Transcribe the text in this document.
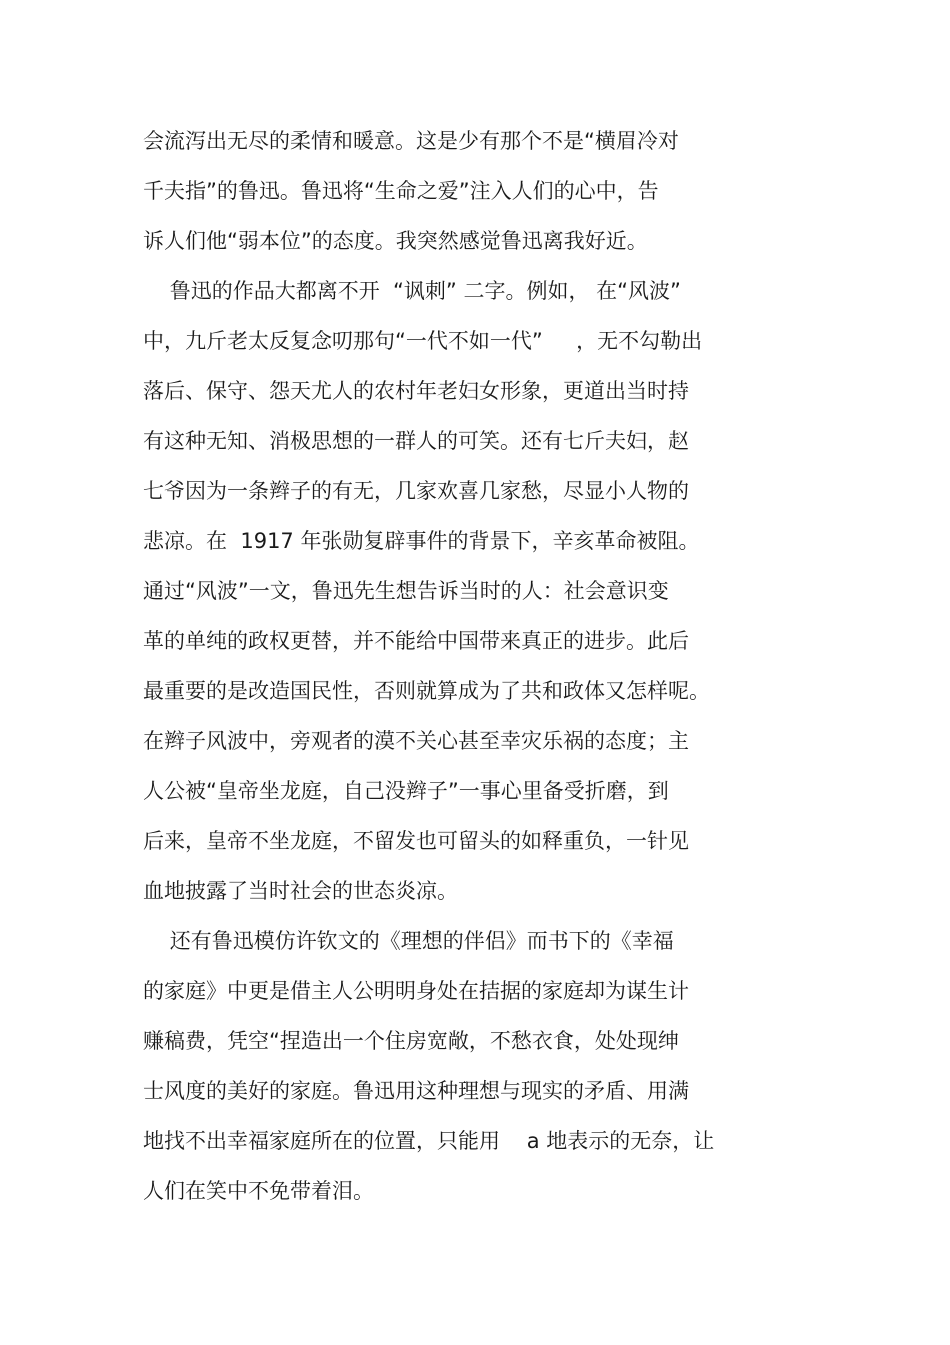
会流泻出无尽的柔情和暖意。这是少有那个不是“横眉冷对

千夫指”的鲁迅。鲁迅将“生命之爱”注入人们的心中，告

诉人们他“弱本位”的态度。我突然感觉鲁迅离我好近。

鲁迅的作品大都离不开  “讽刺” 二字。例如， 在“风波”

中，九斤老太反复念叨那句“一代不如一代”     ，无不勾勒出

落后、保守、怨天尤人的农村年老妇女形象，更道出当时持

有这种无知、消极思想的一群人的可笑。还有七斤夫妇，赵

七爷因为一条辫子的有无，几家欢喜几家愁，尽显小人物的

悲凉。在  1917 年张勋复辟事件的背景下，辛亥革命被阻。

通过“风波”一文，鲁迅先生想告诉当时的人：社会意识变

革的单纯的政权更替，并不能给中国带来真正的进步。此后

最重要的是改造国民性，否则就算成为了共和政体又怎样呢。

在辫子风波中，旁观者的漠不关心甚至幸灾乐祸的态度；主

人公被“皇帝坐龙庭，自己没辫子”一事心里备受折磨，到

后来，皇帝不坐龙庭，不留发也可留头的如释重负，一针见

血地披露了当时社会的世态炎凉。

还有鲁迅模仿许钦文的《理想的伴侣》而书下的《幸福

的家庭》中更是借主人公明明身处在拮据的家庭却为谋生计

赚稿费，凭空“捏造出一个住房宽敞，不愁衣食，处处现绅

士风度的美好的家庭。鲁迅用这种理想与现实的矛盾、用满

地找不出幸福家庭所在的位置，只能用    a 地表示的无奈，让

人们在笑中不免带着泪。
